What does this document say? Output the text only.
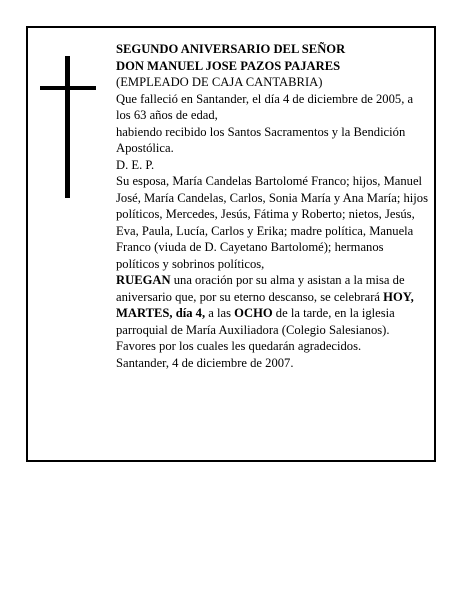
SEGUNDO ANIVERSARIO DEL SEÑOR

DON MANUEL JOSE PAZOS PAJARES

(EMPLEADO DE CAJA CANTABRIA)

Que falleció en Santander, el día 4 de diciembre de 2005, a los 63 años de edad,

habiendo recibido los Santos Sacramentos y la Bendición Apostólica.

D. E. P.

Su esposa, María Candelas Bartolomé Franco; hijos, Manuel José, María Candelas, Carlos, Sonia María y Ana María; hijos políticos, Mercedes, Jesús, Fátima y Roberto; nietos, Jesús, Eva, Paula, Lucía, Carlos y Erika; madre política, Manuela Franco (viuda de D. Cayetano Bartolomé); hermanos políticos y sobrinos políticos,

RUEGAN una oración por su alma y asistan a la misa de aniversario que, por su eterno descanso, se celebrará HOY, MARTES, día 4, a las OCHO de la tarde, en la iglesia parroquial de María Auxiliadora (Colegio Salesianos). Favores por los cuales les quedarán agradecidos.

Santander, 4 de diciembre de 2007.
